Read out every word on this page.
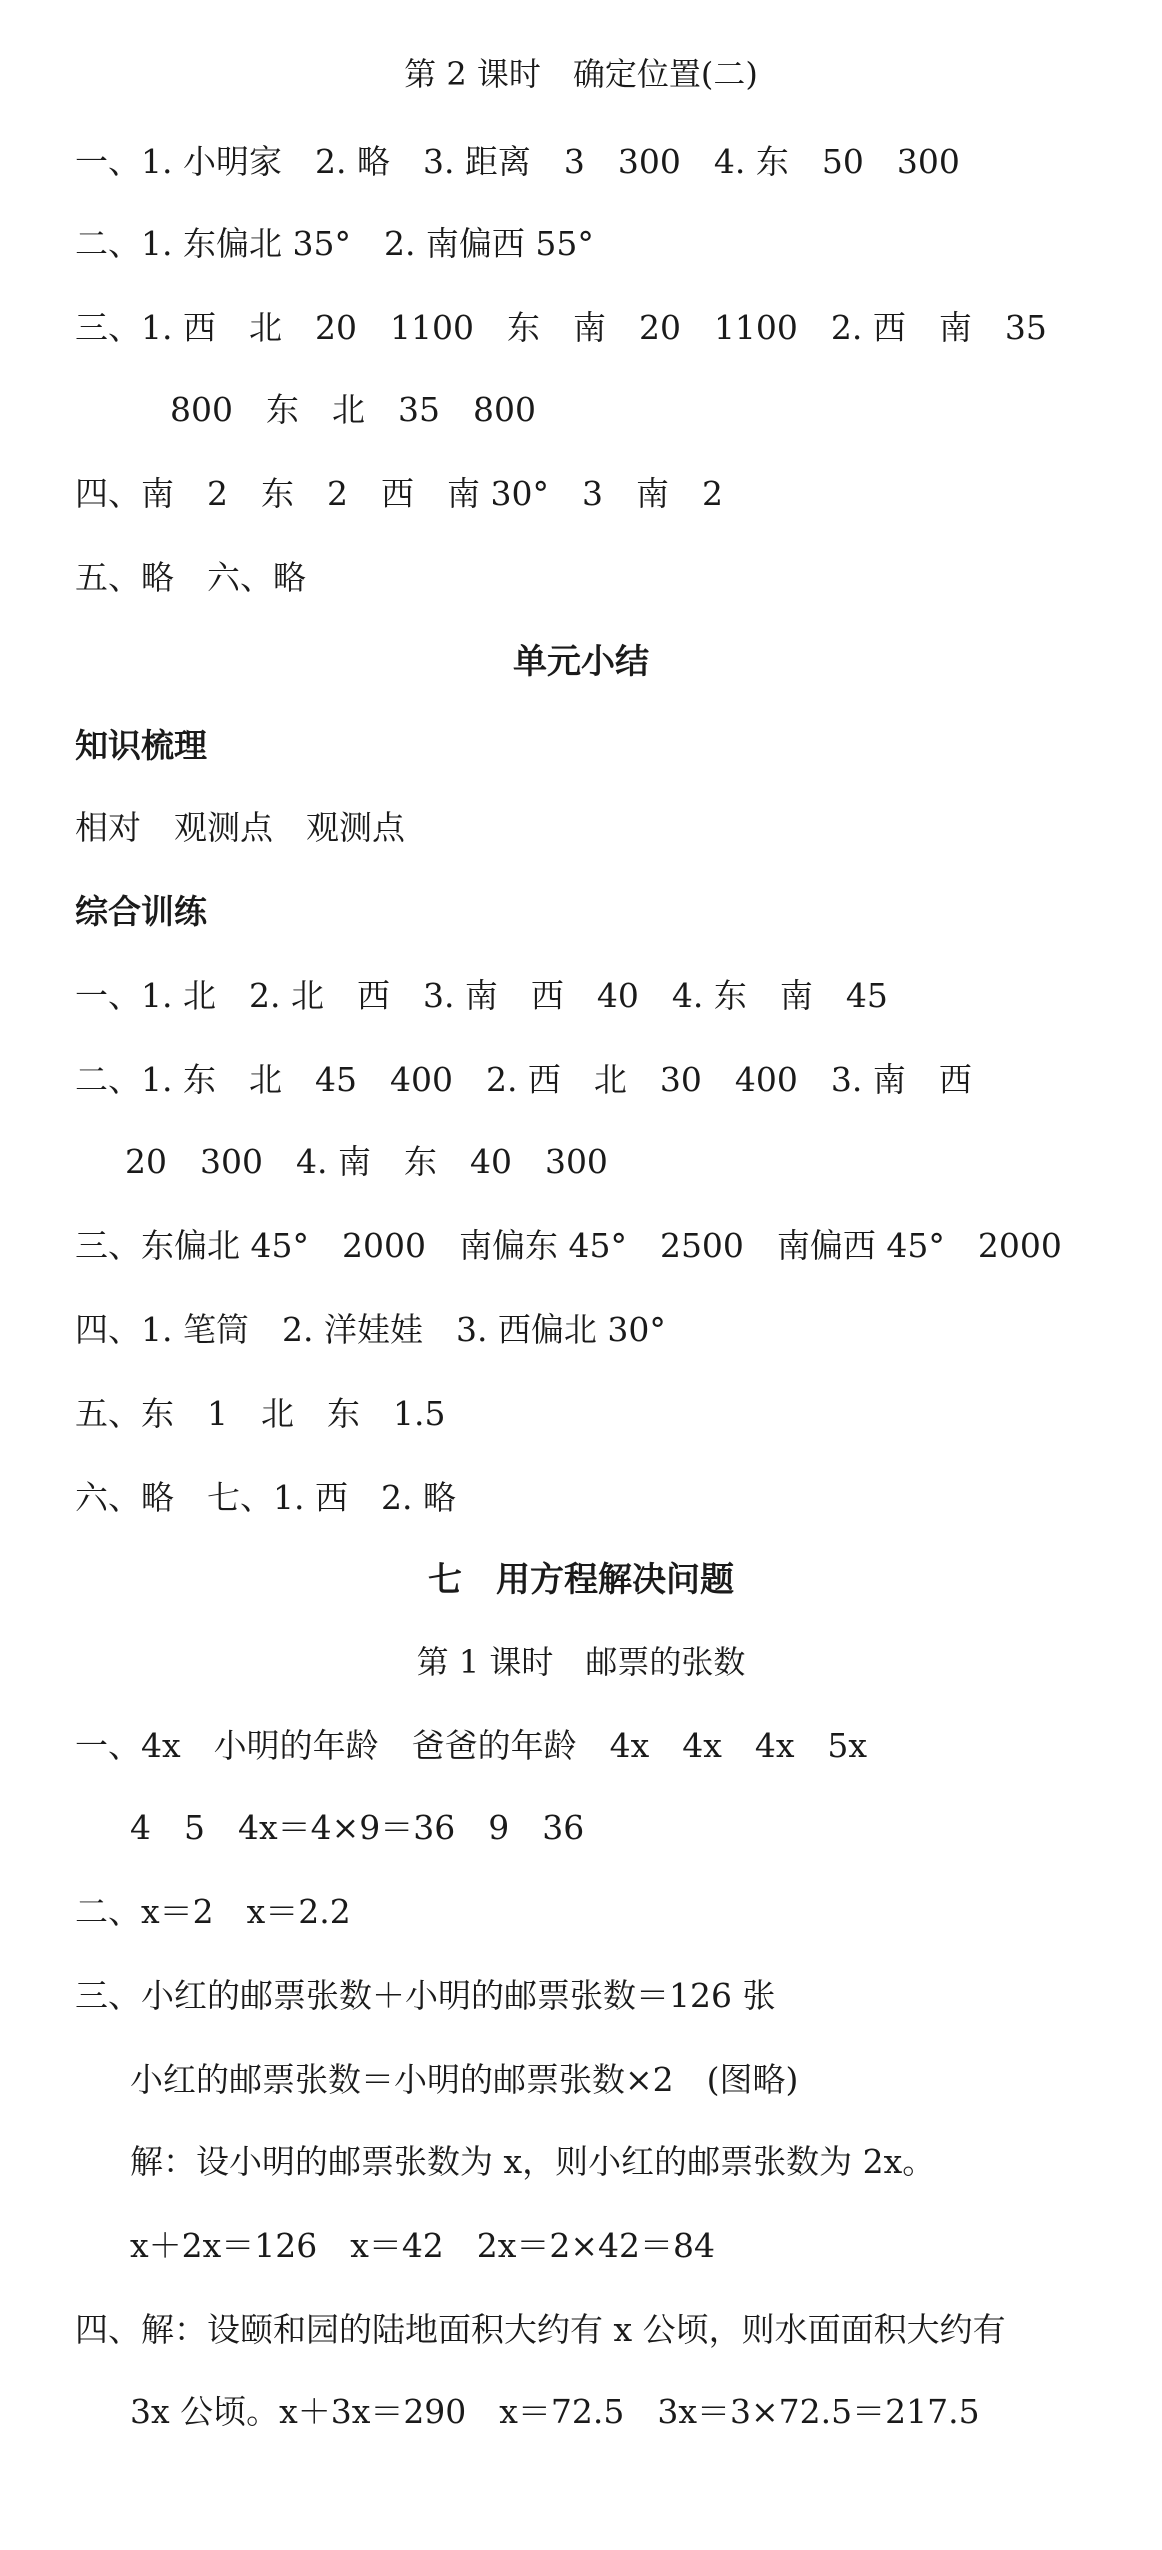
第 2 课时　确定位置(二)
一、1. 小明家　2. 略　3. 距离　3　300　4. 东　50　300
二、1. 东偏北 35°　2. 南偏西 55°
三、1. 西　北　20　1100　东　南　20　1100　2. 西　南　35
800　东　北　35　800
四、南　2　东　2　西　南 30°　3　南　2
五、略　六、略
单元小结
知识梳理
相对　观测点　观测点
综合训练
一、1. 北　2. 北　西　3. 南　西　40　4. 东　南　45
二、1. 东　北　45　400　2. 西　北　30　400　3. 南　西
20　300　4. 南　东　40　300
三、东偏北 45°　2000　南偏东 45°　2500　南偏西 45°　2000
四、1. 笔筒　2. 洋娃娃　3. 西偏北 30°
五、东　1　北　东　1.5
六、略　七、1. 西　2. 略
七　用方程解决问题
第 1 课时　邮票的张数
一、4x　小明的年龄　爸爸的年龄　4x　4x　4x　5x
4　5　4x＝4×9＝36　9　36
二、x＝2　x＝2.2
三、小红的邮票张数＋小明的邮票张数＝126 张
小红的邮票张数＝小明的邮票张数×2　(图略)
解：设小明的邮票张数为 x，则小红的邮票张数为 2x。
x＋2x＝126　x＝42　2x＝2×42＝84
四、解：设颐和园的陆地面积大约有 x 公顷，则水面面积大约有
3x 公顷。x＋3x＝290　x＝72.5　3x＝3×72.5＝217.5
